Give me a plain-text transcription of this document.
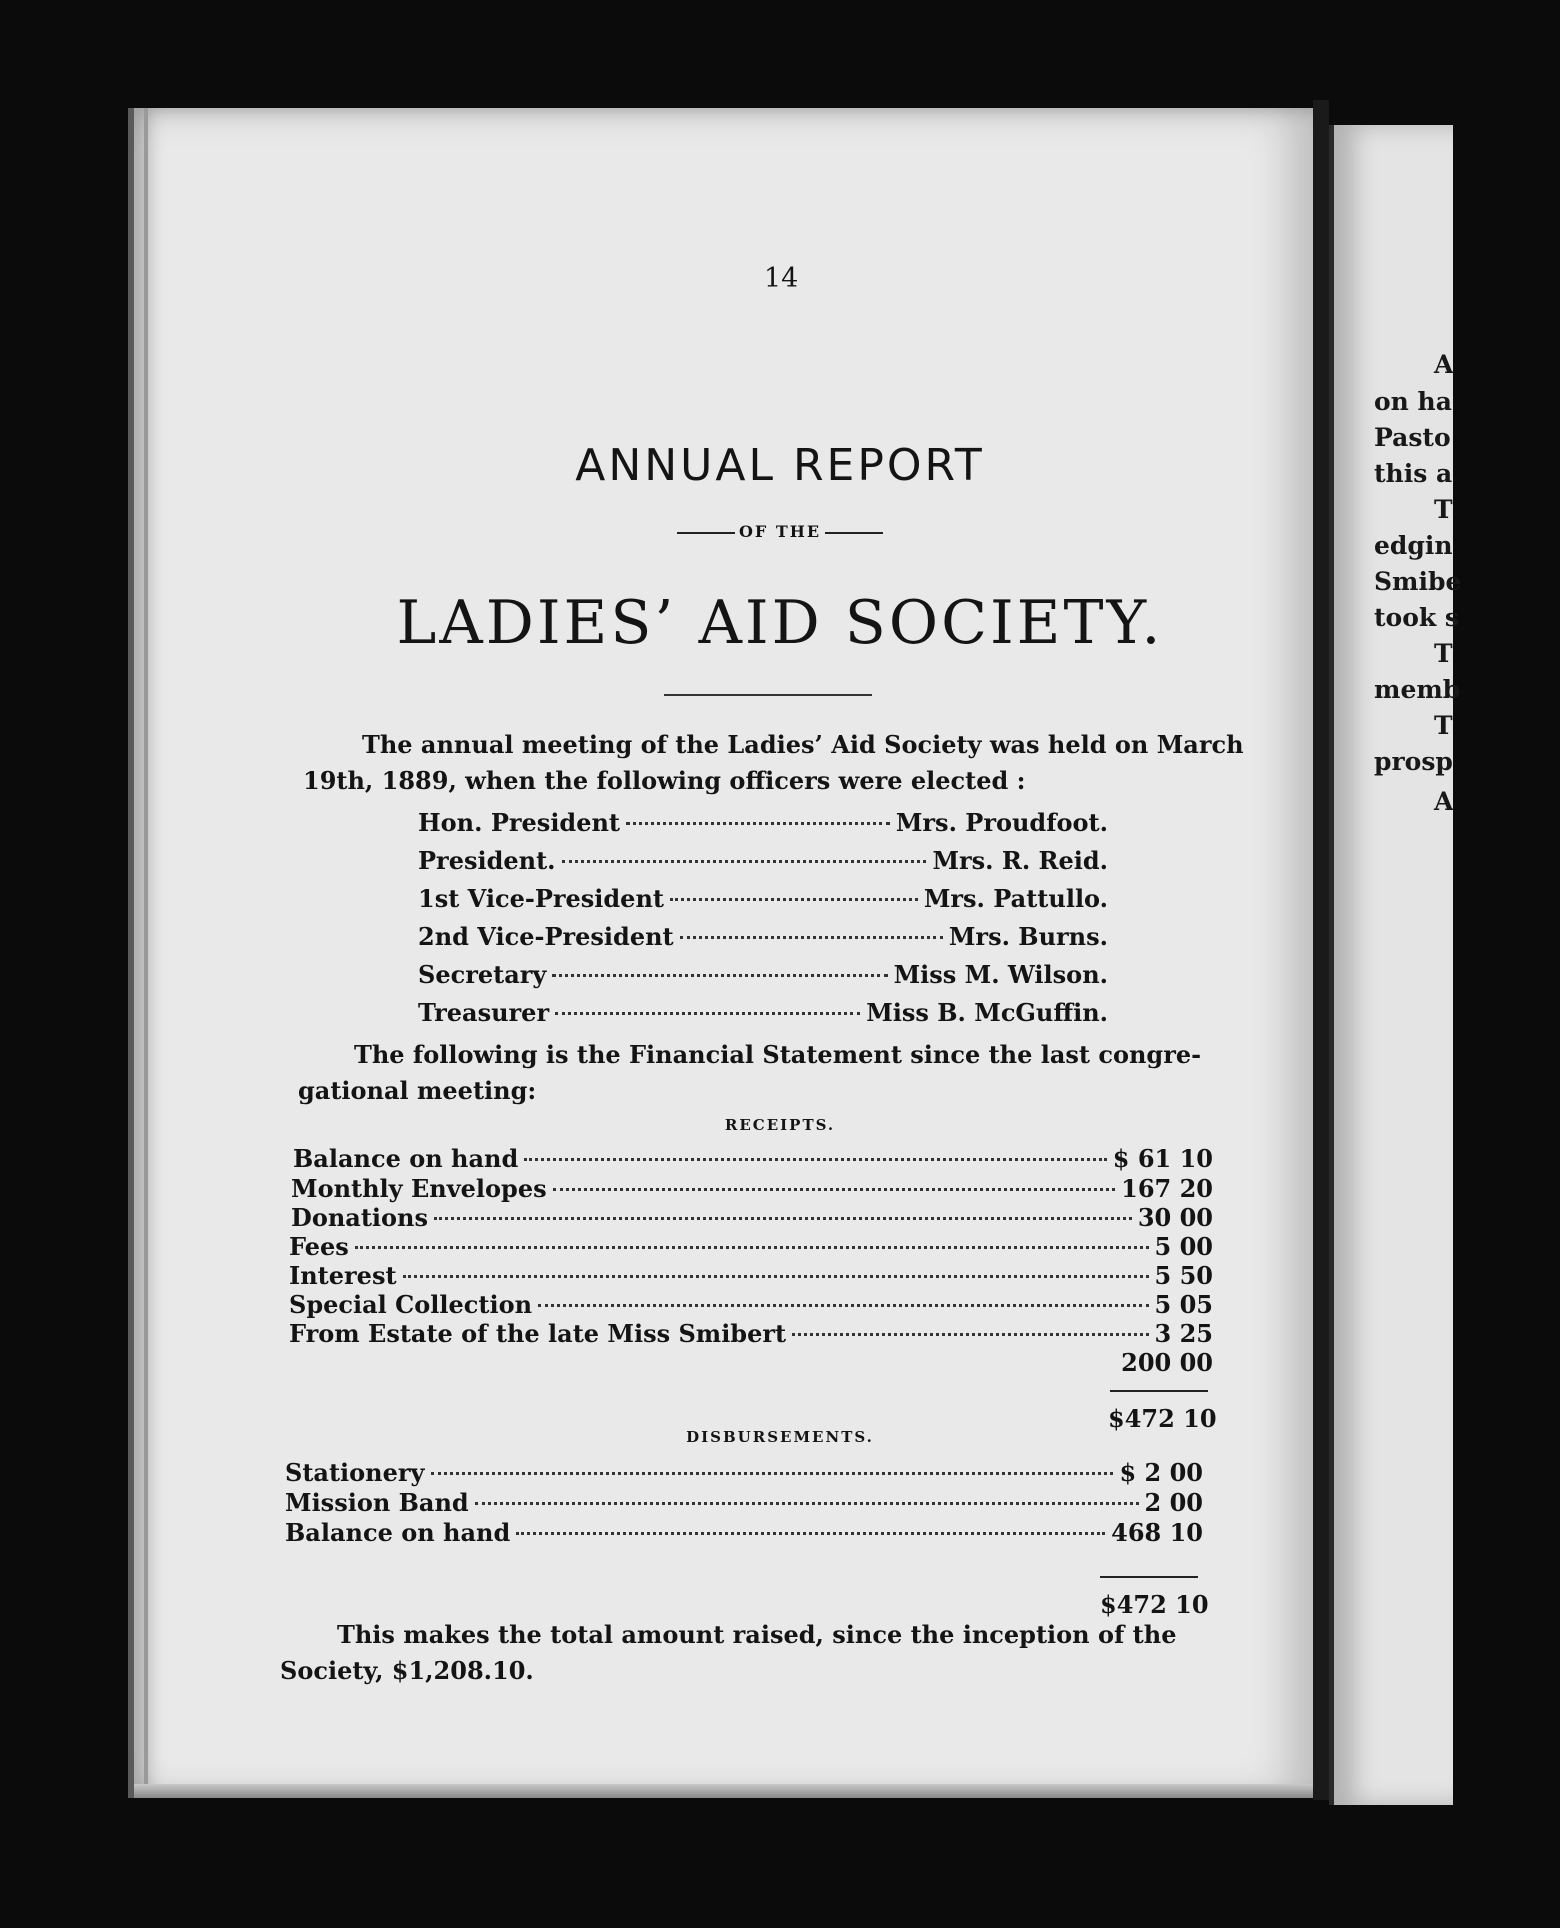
A
on ha
Pasto
this a
T
edgin
Smibe
took s
T
memb
T
prosp
A
14
ANNUAL REPORT
OF THE
LADIES’ AID SOCIETY.
The annual meeting of the Ladies’ Aid Society was held on March
19th, 1889, when the following officers were elected :
Hon. President	Mrs. Proudfoot.
President.	Mrs. R. Reid.
1st Vice-President	Mrs. Pattullo.
2nd Vice-President	Mrs. Burns.
Secretary	Miss M. Wilson.
Treasurer	Miss B. McGuffin.
The following is the Financial Statement since the last congre-
gational meeting:
RECEIPTS.
Balance on hand	$ 61 10
Monthly Envelopes	167 20
Donations	30 00
Fees	5 00
Interest	5 50
Special Collection	5 05
From Estate of the late Miss Smibert	3 25
200 00
$472 10
DISBURSEMENTS.
Stationery	$ 2 00
Mission Band	2 00
Balance on hand	468 10
$472 10
This makes the total amount raised, since the inception of the
Society, $1,208.10.
